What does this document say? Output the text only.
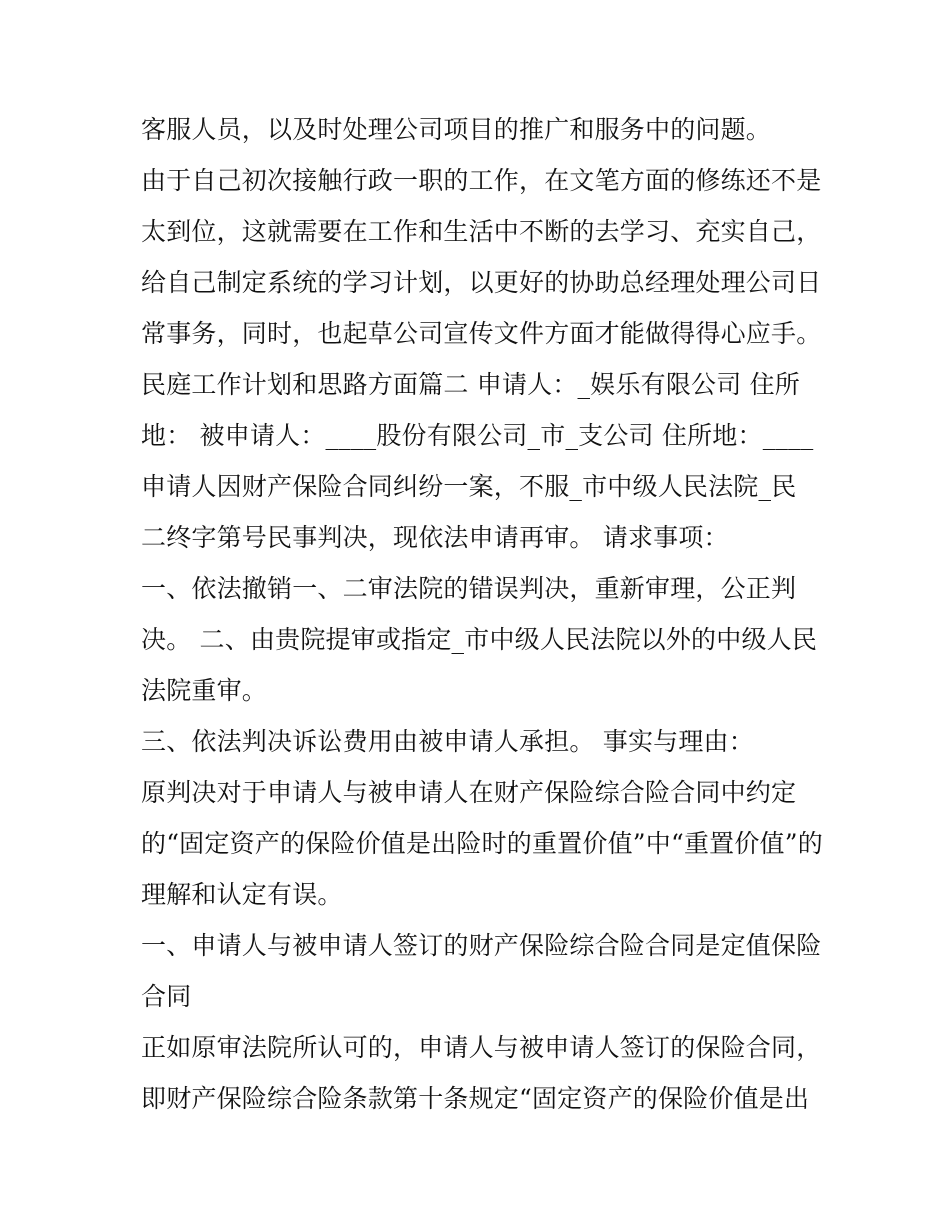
客服人员，以及时处理公司项目的推广和服务中的问题。
由于自己初次接触行政一职的工作，在文笔方面的修练还不是
太到位，这就需要在工作和生活中不断的去学习、充实自己，
给自己制定系统的学习计划，以更好的协助总经理处理公司日
常事务，同时，也起草公司宣传文件方面才能做得得心应手。
民庭工作计划和思路方面篇二 申请人：_娱乐有限公司 住所
地： 被申请人：____股份有限公司_市_支公司 住所地：____
申请人因财产保险合同纠纷一案，不服_市中级人民法院_民
二终字第号民事判决，现依法申请再审。 请求事项：
一、依法撤销一、二审法院的错误判决，重新审理，公正判
决。 二、由贵院提审或指定_市中级人民法院以外的中级人民
法院重审。
三、依法判决诉讼费用由被申请人承担。 事实与理由：
原判决对于申请人与被申请人在财产保险综合险合同中约定
的“固定资产的保险价值是出险时的重置价值”中“重置价值”的
理解和认定有误。
一、申请人与被申请人签订的财产保险综合险合同是定值保险
合同
正如原审法院所认可的，申请人与被申请人签订的保险合同，
即财产保险综合险条款第十条规定“固定资产的保险价值是出
